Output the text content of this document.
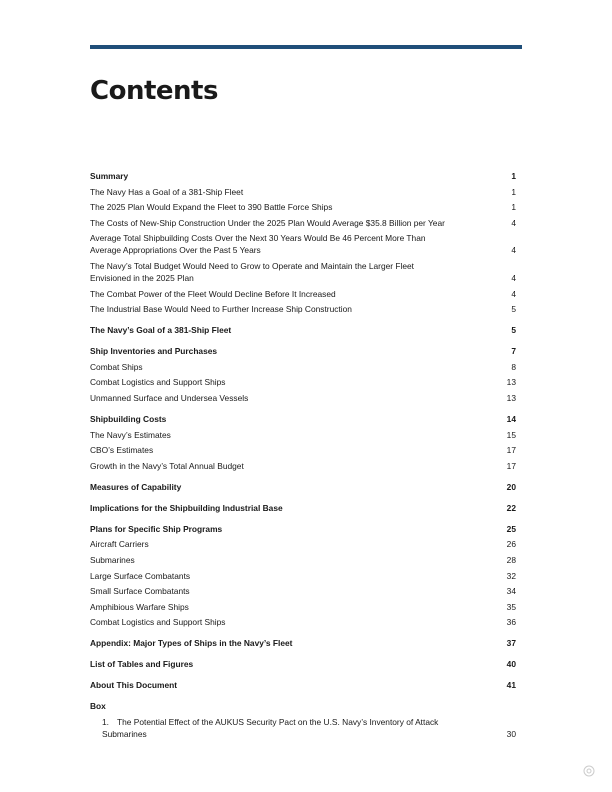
Contents
Summary	1
The Navy Has a Goal of a 381-Ship Fleet	1
The 2025 Plan Would Expand the Fleet to 390 Battle Force Ships	1
The Costs of New-Ship Construction Under the 2025 Plan Would Average $35.8 Billion per Year	4
Average Total Shipbuilding Costs Over the Next 30 Years Would Be 46 Percent More Than Average Appropriations Over the Past 5 Years	4
The Navy’s Total Budget Would Need to Grow to Operate and Maintain the Larger Fleet Envisioned in the 2025 Plan	4
The Combat Power of the Fleet Would Decline Before It Increased	4
The Industrial Base Would Need to Further Increase Ship Construction	5
The Navy’s Goal of a 381-Ship Fleet	5
Ship Inventories and Purchases	7
Combat Ships	8
Combat Logistics and Support Ships	13
Unmanned Surface and Undersea Vessels	13
Shipbuilding Costs	14
The Navy’s Estimates	15
CBO’s Estimates	17
Growth in the Navy’s Total Annual Budget	17
Measures of Capability	20
Implications for the Shipbuilding Industrial Base	22
Plans for Specific Ship Programs	25
Aircraft Carriers	26
Submarines	28
Large Surface Combatants	32
Small Surface Combatants	34
Amphibious Warfare Ships	35
Combat Logistics and Support Ships	36
Appendix: Major Types of Ships in the Navy’s Fleet	37
List of Tables and Figures	40
About This Document	41
Box
1. The Potential Effect of the AUKUS Security Pact on the U.S. Navy’s Inventory of Attack Submarines	30
